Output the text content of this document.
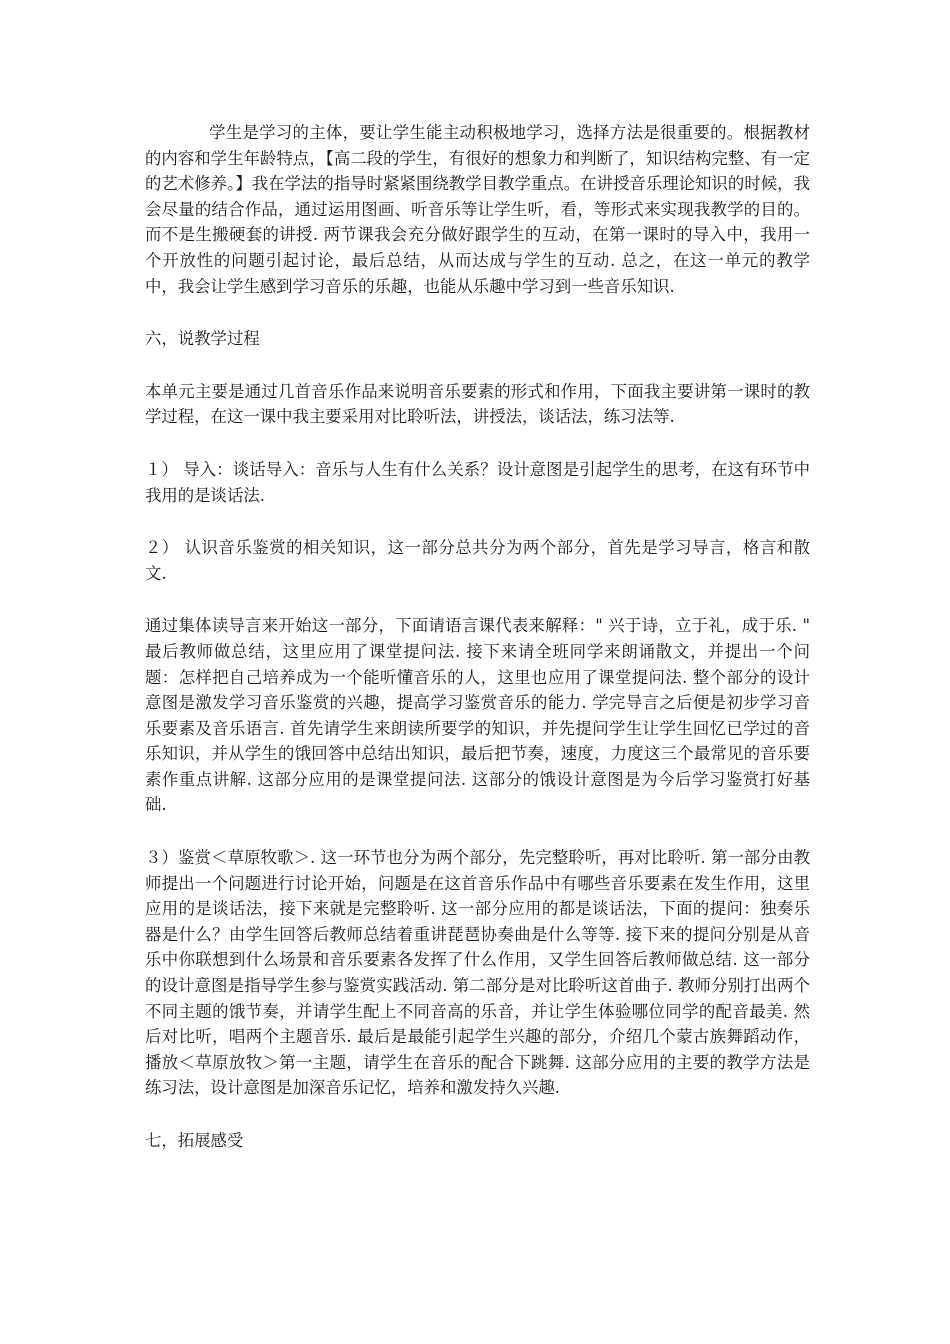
学生是学习的主体，要让学生能主动积极地学习，选择方法是很重要的。根据教材的内容和学生年龄特点，【高二段的学生，有很好的想象力和判断了，知识结构完整、有一定的艺术修养。】我在学法的指导时紧紧围绕教学目教学重点。在讲授音乐理论知识的时候，我会尽量的结合作品，通过运用图画、听音乐等让学生听，看，等形式来实现我教学的目的。而不是生搬硬套的讲授. 两节课我会充分做好跟学生的互动，在第一课时的导入中，我用一个开放性的问题引起讨论，最后总结，从而达成与学生的互动. 总之，在这一单元的教学中，我会让学生感到学习音乐的乐趣，也能从乐趣中学习到一些音乐知识.

六，说教学过程

本单元主要是通过几首音乐作品来说明音乐要素的形式和作用，下面我主要讲第一课时的教学过程，在这一课中我主要采用对比聆听法，讲授法，谈话法，练习法等.

１） 导入：谈话导入：音乐与人生有什么关系？设计意图是引起学生的思考，在这有环节中我用的是谈话法.

２） 认识音乐鉴赏的相关知识，这一部分总共分为两个部分，首先是学习导言，格言和散文.

通过集体读导言来开始这一部分，下面请语言课代表来解释：" 兴于诗，立于礼，成于乐. " 最后教师做总结，这里应用了课堂提问法. 接下来请全班同学来朗诵散文，并提出一个问题：怎样把自己培养成为一个能听懂音乐的人，这里也应用了课堂提问法. 整个部分的设计意图是激发学习音乐鉴赏的兴趣，提高学习鉴赏音乐的能力. 学完导言之后便是初步学习音乐要素及音乐语言. 首先请学生来朗读所要学的知识，并先提问学生让学生回忆已学过的音乐知识，并从学生的饿回答中总结出知识，最后把节奏，速度，力度这三个最常见的音乐要素作重点讲解. 这部分应用的是课堂提问法. 这部分的饿设计意图是为今后学习鉴赏打好基础.

３）鉴赏＜草原牧歌＞. 这一环节也分为两个部分，先完整聆听，再对比聆听. 第一部分由教师提出一个问题进行讨论开始，问题是在这首音乐作品中有哪些音乐要素在发生作用，这里应用的是谈话法，接下来就是完整聆听. 这一部分应用的都是谈话法，下面的提问：独奏乐器是什么？由学生回答后教师总结着重讲琵琶协奏曲是什么等等. 接下来的提问分别是从音乐中你联想到什么场景和音乐要素各发挥了什么作用，又学生回答后教师做总结. 这一部分的设计意图是指导学生参与鉴赏实践活动. 第二部分是对比聆听这首曲子. 教师分别打出两个不同主题的饿节奏，并请学生配上不同音高的乐音，并让学生体验哪位同学的配音最美. 然后对比听，唱两个主题音乐. 最后是最能引起学生兴趣的部分，介绍几个蒙古族舞蹈动作，播放＜草原放牧＞第一主题，请学生在音乐的配合下跳舞. 这部分应用的主要的教学方法是练习法，设计意图是加深音乐记忆，培养和激发持久兴趣.

七，拓展感受
